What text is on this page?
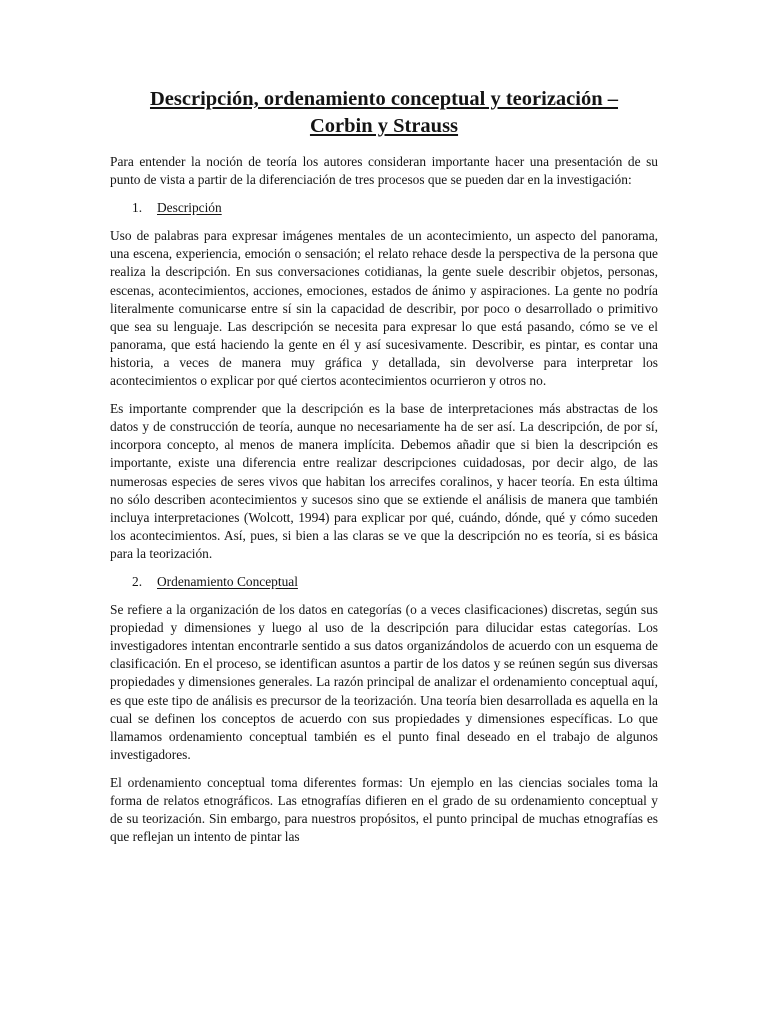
Descripción, ordenamiento conceptual y teorización –
Corbin y Strauss

Para entender la noción de teoría los autores consideran importante hacer una presentación de su punto de vista a partir de la diferenciación de tres procesos que se pueden dar en la investigación:

1. Descripción

Uso de palabras para expresar imágenes mentales de un acontecimiento, un aspecto del panorama, una escena, experiencia, emoción o sensación; el relato rehace desde la perspectiva de la persona que realiza la descripción. En sus conversaciones cotidianas, la gente suele describir objetos, personas, escenas, acontecimientos, acciones, emociones, estados de ánimo y aspiraciones. La gente no podría literalmente comunicarse entre sí sin la capacidad de describir, por poco o desarrollado o primitivo que sea su lenguaje. Las descripción se necesita para expresar lo que está pasando, cómo se ve el panorama, que está haciendo la gente en él y así sucesivamente. Describir, es pintar, es contar una historia, a veces de manera muy gráfica y detallada, sin devolverse para interpretar los acontecimientos o explicar por qué ciertos acontecimientos ocurrieron y otros no.

Es importante comprender que la descripción es la base de interpretaciones más abstractas de los datos y de construcción de teoría, aunque no necesariamente ha de ser así. La descripción, de por sí, incorpora concepto, al menos de manera implícita. Debemos añadir que si bien la descripción es importante, existe una diferencia entre realizar descripciones cuidadosas, por decir algo, de las numerosas especies de seres vivos que habitan los arrecifes coralinos, y hacer teoría. En esta última no sólo describen acontecimientos y sucesos sino que se extiende el análisis de manera que también incluya interpretaciones (Wolcott, 1994) para explicar por qué, cuándo, dónde, qué y cómo suceden los acontecimientos. Así, pues, si bien a las claras se ve que la descripción no es teoría, si es básica para la teorización.

2. Ordenamiento Conceptual

Se refiere a la organización de los datos en categorías (o a veces clasificaciones) discretas, según sus propiedad y dimensiones y luego al uso de la descripción para dilucidar estas categorías. Los investigadores intentan encontrarle sentido a sus datos organizándolos de acuerdo con un esquema de clasificación. En el proceso, se identifican asuntos a partir de los datos y se reúnen según sus diversas propiedades y dimensiones generales. La razón principal de analizar el ordenamiento conceptual aquí, es que este tipo de análisis es precursor de la teorización. Una teoría bien desarrollada es aquella en la cual se definen los conceptos de acuerdo con sus propiedades y dimensiones específicas. Lo que llamamos ordenamiento conceptual también es el punto final deseado en el trabajo de algunos investigadores.

El ordenamiento conceptual toma diferentes formas: Un ejemplo en las ciencias sociales toma la forma de relatos etnográficos. Las etnografías difieren en el grado de su ordenamiento conceptual y de su teorización. Sin embargo, para nuestros propósitos, el punto principal de muchas etnografías es que reflejan un intento de pintar las
